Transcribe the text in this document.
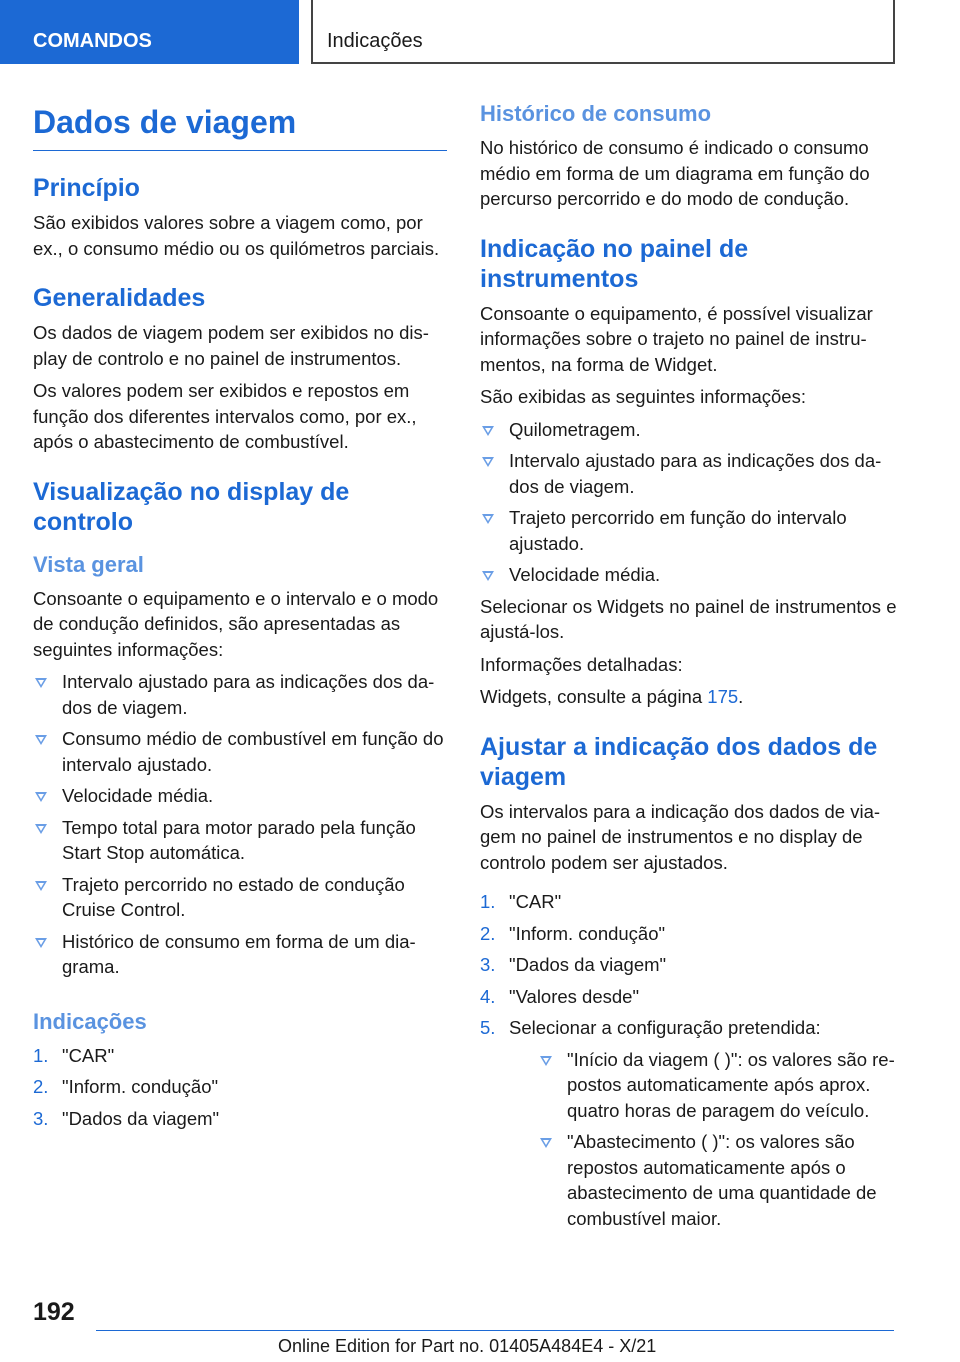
COMANDOS	Indicações
Dados de viagem
Princípio

São exibidos valores sobre a viagem como, por ex., o consumo médio ou os quilómetros parciais.

Generalidades

Os dados de viagem podem ser exibidos no display de controlo e no painel de instrumentos.

Os valores podem ser exibidos e repostos em função dos diferentes intervalos como, por ex., após o abastecimento de combustível.

Visualização no display de controlo
Vista geral

Consoante o equipamento e o intervalo e o modo de condução definidos, são apresentadas as seguintes informações:

Intervalo ajustado para as indicações dos dados de viagem.
Consumo médio de combustível em função do intervalo ajustado.
Velocidade média.
Tempo total para motor parado pela função Start Stop automática.
Trajeto percorrido no estado de condução Cruise Control.
Histórico de consumo em forma de um diagrama.
Indicações
1. "CAR"
2. "Inform. condução"
3. "Dados da viagem"
Histórico de consumo

No histórico de consumo é indicado o consumo médio em forma de um diagrama em função do percurso percorrido e do modo de condução.

Indicação no painel de instrumentos

Consoante o equipamento, é possível visualizar informações sobre o trajeto no painel de instrumentos, na forma de Widget.

São exibidas as seguintes informações:

Quilometragem.
Intervalo ajustado para as indicações dos dados de viagem.
Trajeto percorrido em função do intervalo ajustado.
Velocidade média.

Selecionar os Widgets no painel de instrumentos e ajustá-los.

Informações detalhadas:

Widgets, consulte a página 175.

Ajustar a indicação dos dados de viagem

Os intervalos para a indicação dos dados de viagem no painel de instrumentos e no display de controlo podem ser ajustados.

1. "CAR"
2. "Inform. condução"
3. "Dados da viagem"
4. "Valores desde"
5. Selecionar a configuração pretendida:
"Início da viagem ( )": os valores são repostos automaticamente após aprox. quatro horas de paragem do veículo.
"Abastecimento ( )": os valores são repostos automaticamente após o abastecimento de uma quantidade de combustível maior.
192
Online Edition for Part no. 01405A484E4 - X/21
